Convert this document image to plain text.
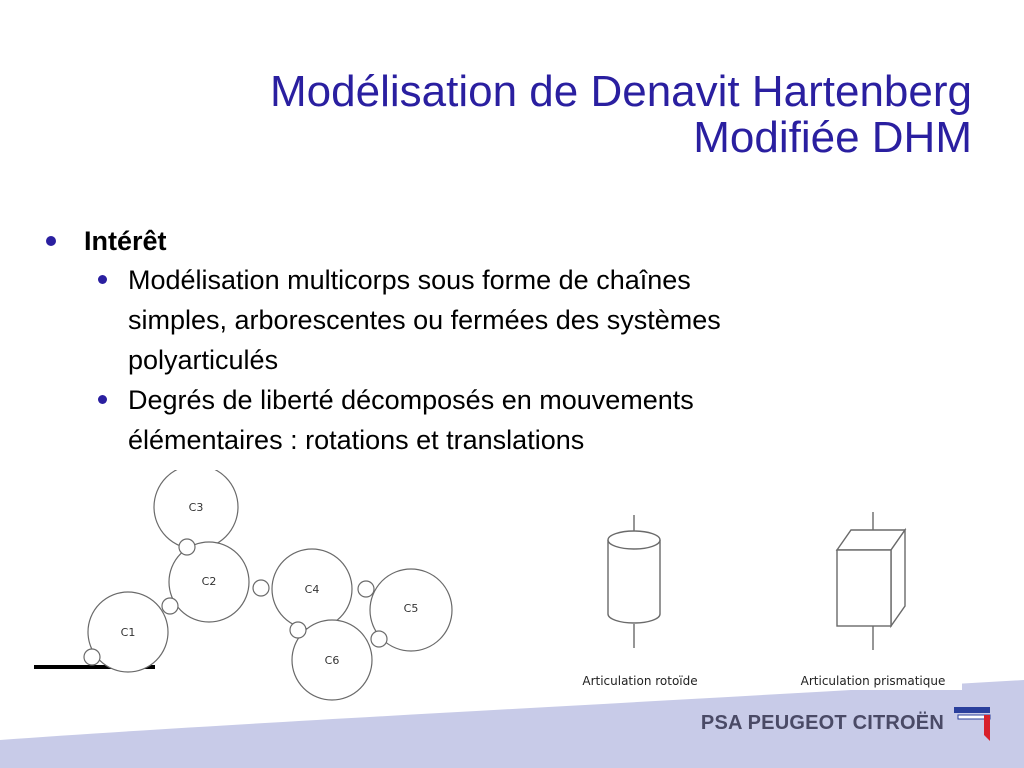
Modélisation de Denavit Hartenberg
Modifiée DHM
Intérêt
Modélisation multicorps sous forme de chaînes
simples, arborescentes ou fermées des systèmes
polyarticulés
Degrés de liberté décomposés en mouvements
élémentaires : rotations et translations
C3
C2
C1
C4
C5
C6
Articulation rotoïde	Articulation prismatique
PSA PEUGEOT CITROËN
